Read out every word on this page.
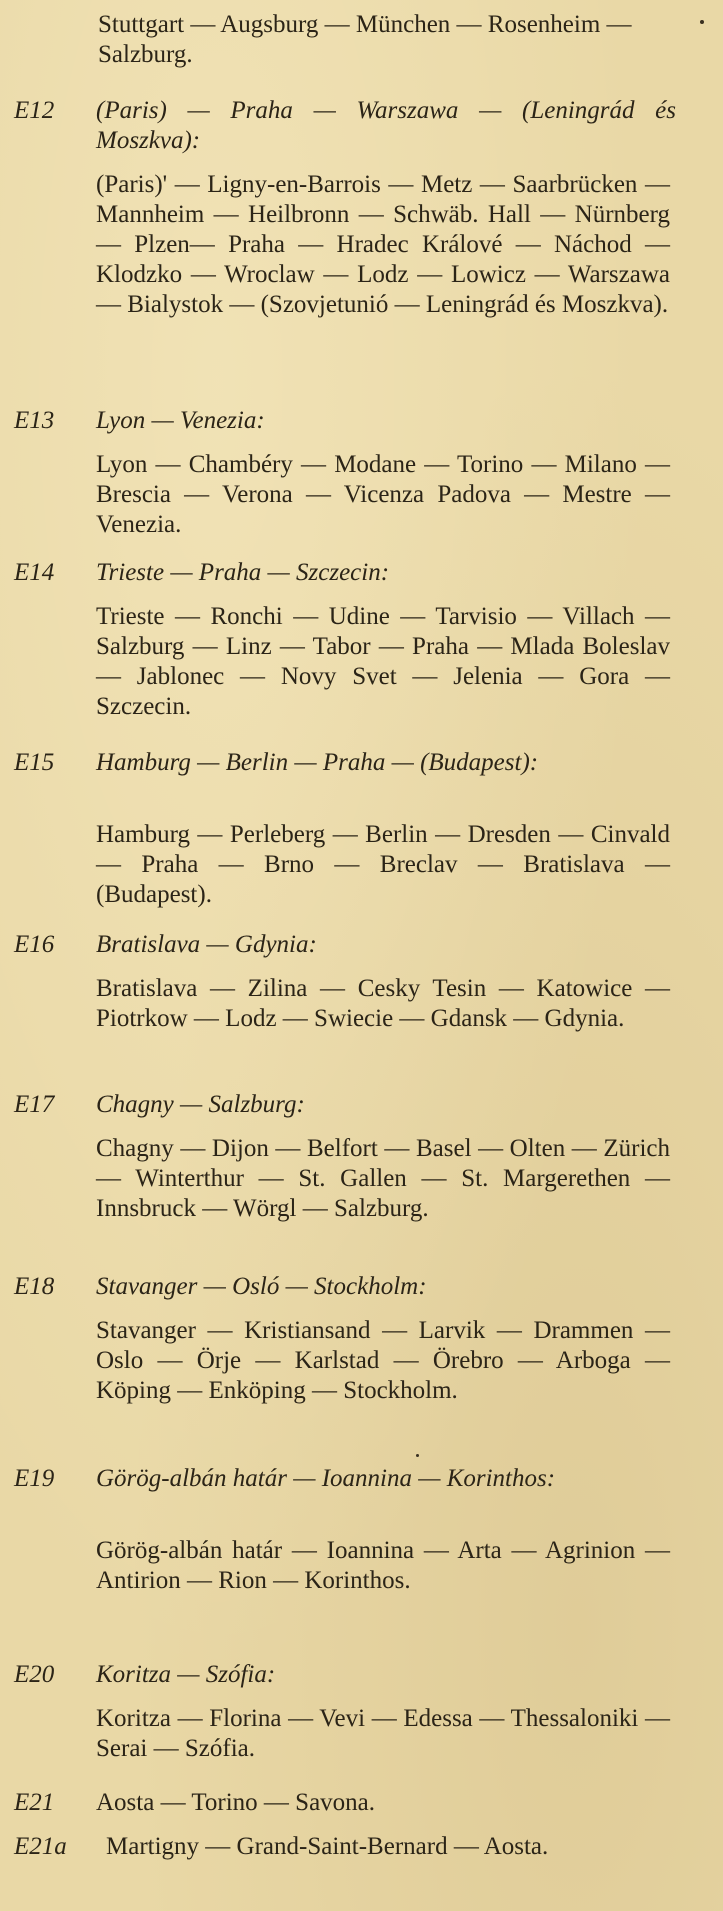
Stuttgart — Augsburg — München — Rosenheim — Salzburg.
E12 (Paris) — Praha — Warszawa — (Leningrád és Moszkva):
(Paris)' — Ligny-en-Barrois — Metz — Saarbrücken — Mannheim — Heilbronn — Schwäb. Hall — Nürnberg — Plzen— Praha — Hradec Králové — Náchod — Klodzko — Wroclaw — Lodz — Lowicz — Warszawa — Bialystok — (Szovjetunió — Leningrád és Moszkva).
E13 Lyon — Venezia:
Lyon — Chambéry — Modane — Torino — Milano — Brescia — Verona — Vicenza Padova — Mestre — Venezia.
E14 Trieste — Praha — Szczecin:
Trieste — Ronchi — Udine — Tarvisio — Villach — Salzburg — Linz — Tabor — Praha — Mlada Boleslav — Jablonec — Novy Svet — Jelenia — Gora — Szczecin.
E15 Hamburg — Berlin — Praha — (Budapest):
Hamburg — Perleberg — Berlin — Dresden — Cinvald — Praha — Brno — Breclav — Bratislava — (Budapest).
E16 Bratislava — Gdynia:
Bratislava — Zilina — Cesky Tesin — Katowice — Piotrkow — Lodz — Swiecie — Gdansk — Gdynia.
E17 Chagny — Salzburg:
Chagny — Dijon — Belfort — Basel — Olten — Zürich — Winterthur — St. Gallen — St. Margerethen — Innsbruck — Wörgl — Salzburg.
E18 Stavanger — Osló — Stockholm:
Stavanger — Kristiansand — Larvik — Drammen — Oslo — Örje — Karlstad — Örebro — Arboga — Köping — Enköping — Stockholm.
E19 Görög-albán határ — Ioannina — Korinthos:
Görög-albán határ — Ioannina — Arta — Agrinion — Antirion — Rion — Korinthos.
E20 Koritza — Szófia:
Koritza — Florina — Vevi — Edessa — Thessaloniki — Serai — Szófia.
E21 Aosta — Torino — Savona.
E21a Martigny — Grand-Saint-Bernard — Aosta.
